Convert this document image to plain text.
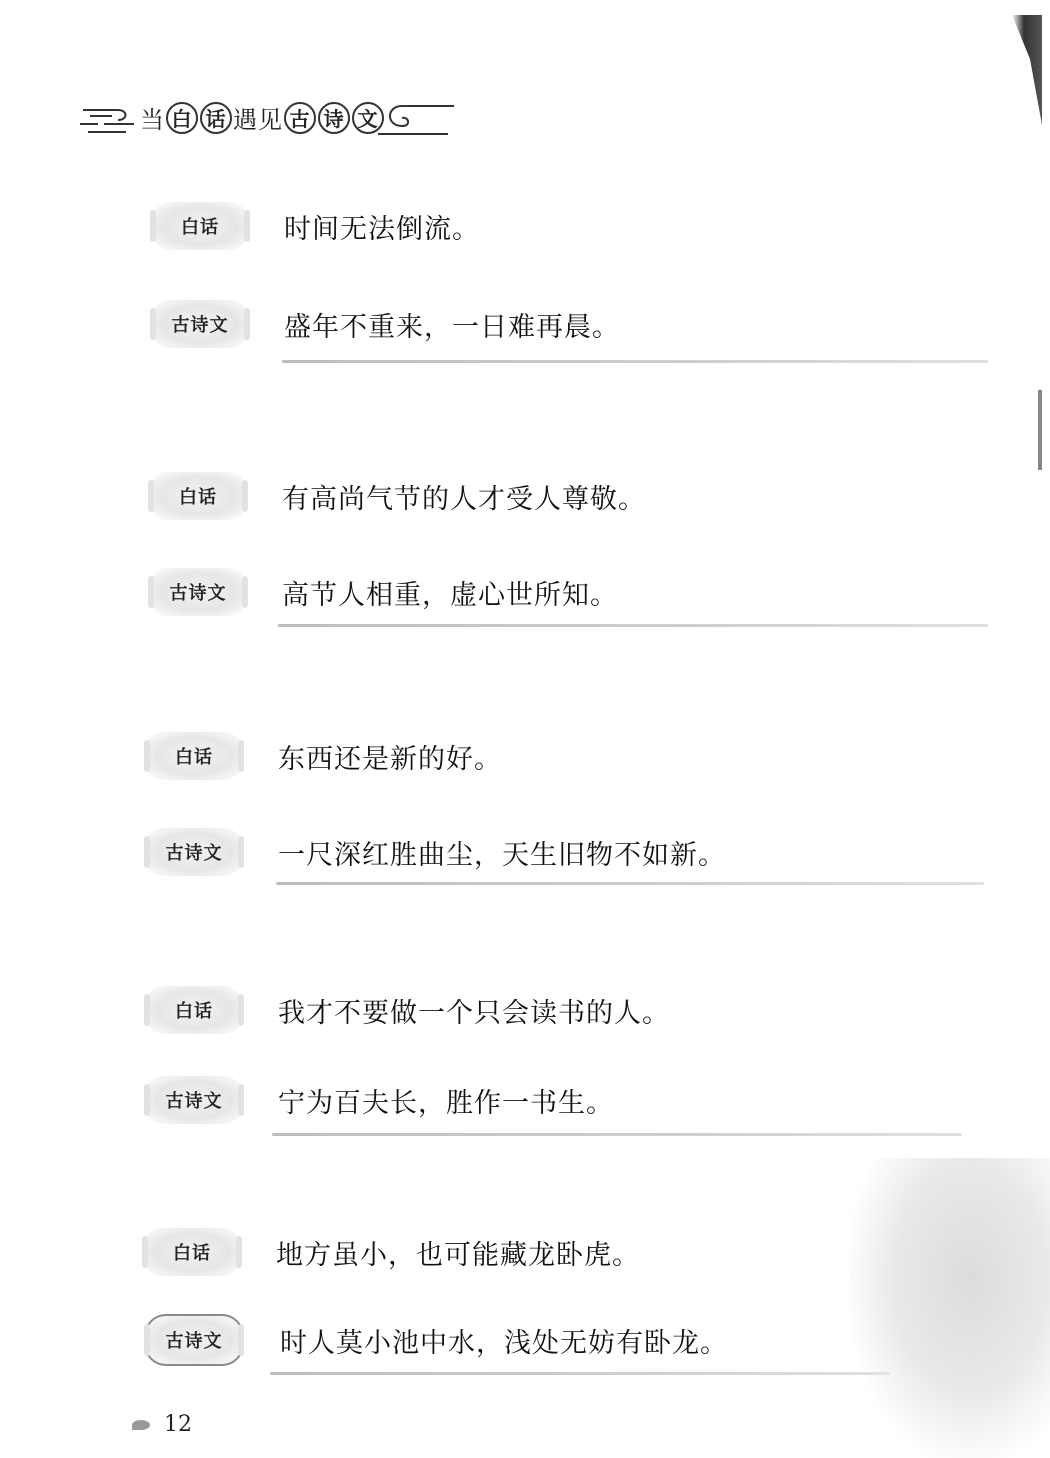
当 白 话 遇见 古 诗 文
白话	时间无法倒流。
古诗文	盛年不重来，一日难再晨。
白话	有高尚气节的人才受人尊敬。
古诗文	高节人相重，虚心世所知。
白话	东西还是新的好。
古诗文	一尺深红胜曲尘，天生旧物不如新。
白话	我才不要做一个只会读书的人。
古诗文	宁为百夫长，胜作一书生。
白话	地方虽小，也可能藏龙卧虎。
古诗文	时人莫小池中水，浅处无妨有卧龙。
12
